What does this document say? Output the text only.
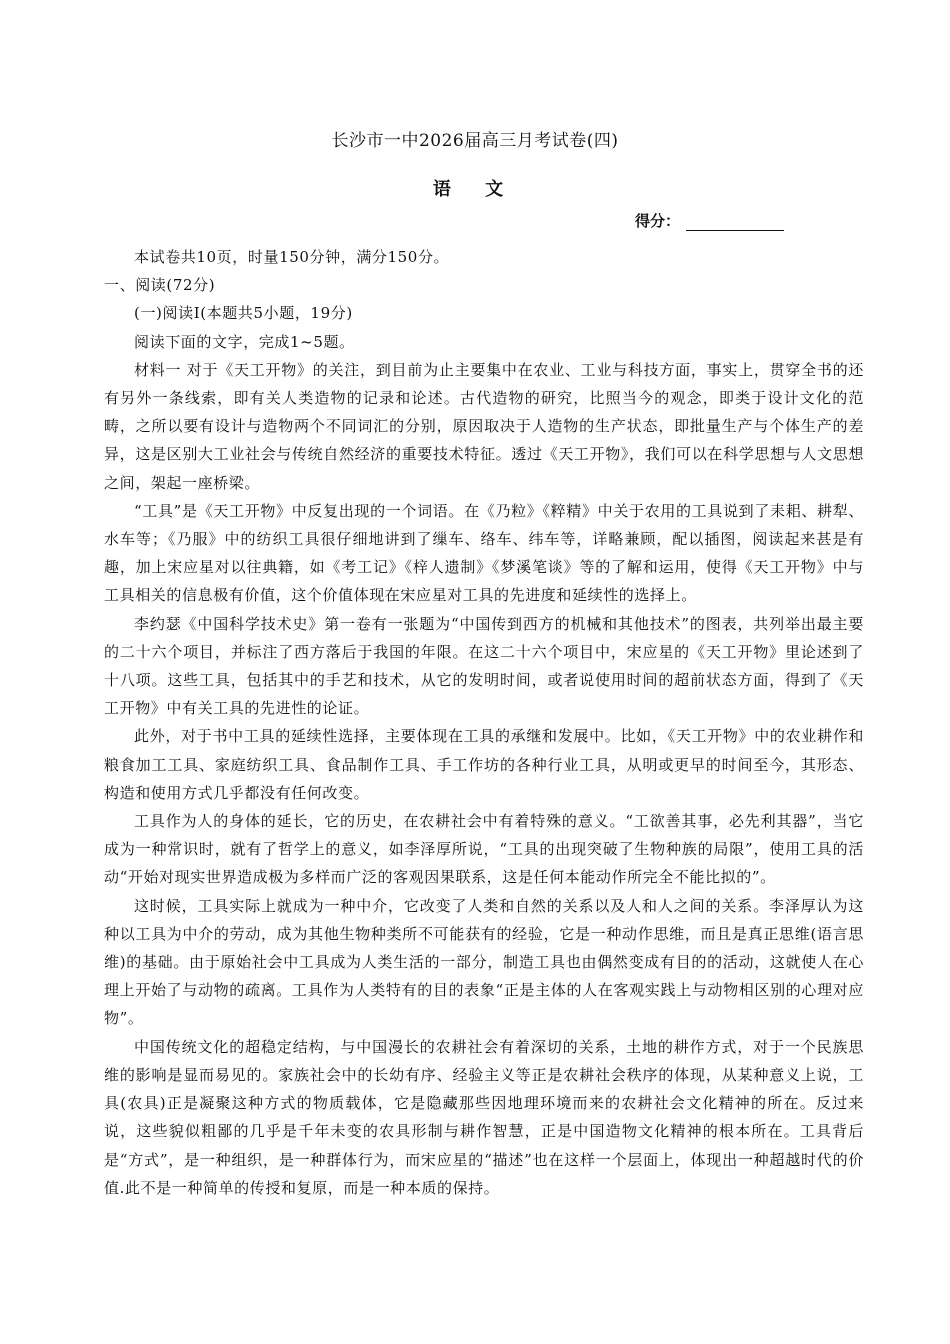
长沙市一中2026届高三月考试卷(四)
语 文
得分：

本试卷共10页，时量150分钟，满分150分。

一、阅读(72分)

(一)阅读Ⅰ(本题共5小题，19分)

阅读下面的文字，完成1~5题。

材料一 对于《天工开物》的关注，到目前为止主要集中在农业、工业与科技方面，事实上，贯穿全书的还有另外一条线索，即有关人类造物的记录和论述。古代造物的研究，比照当今的观念，即类于设计文化的范畴，之所以要有设计与造物两个不同词汇的分别，原因取决于人造物的生产状态，即批量生产与个体生产的差异，这是区别大工业社会与传统自然经济的重要技术特征。透过《天工开物》，我们可以在科学思想与人文思想之间，架起一座桥梁。

“工具”是《天工开物》中反复出现的一个词语。在《乃粒》《粹精》中关于农用的工具说到了耒耜、耕犁、水车等；《乃服》中的纺织工具很仔细地讲到了缫车、络车、纬车等，详略兼顾，配以插图，阅读起来甚是有趣，加上宋应星对以往典籍，如《考工记》《梓人遗制》《梦溪笔谈》等的了解和运用，使得《天工开物》中与工具相关的信息极有价值，这个价值体现在宋应星对工具的先进度和延续性的选择上。

李约瑟《中国科学技术史》第一卷有一张题为“中国传到西方的机械和其他技术”的图表，共列举出最主要的二十六个项目，并标注了西方落后于我国的年限。在这二十六个项目中，宋应星的《天工开物》里论述到了十八项。这些工具，包括其中的手艺和技术，从它的发明时间，或者说使用时间的超前状态方面，得到了《天工开物》中有关工具的先进性的论证。

此外，对于书中工具的延续性选择，主要体现在工具的承继和发展中。比如，《天工开物》中的农业耕作和粮食加工工具、家庭纺织工具、食品制作工具、手工作坊的各种行业工具，从明或更早的时间至今，其形态、构造和使用方式几乎都没有任何改变。

工具作为人的身体的延长，它的历史，在农耕社会中有着特殊的意义。“工欲善其事，必先利其器”，当它成为一种常识时，就有了哲学上的意义，如李泽厚所说，“工具的出现突破了生物种族的局限”，使用工具的活动“开始对现实世界造成极为多样而广泛的客观因果联系，这是任何本能动作所完全不能比拟的”。

这时候，工具实际上就成为一种中介，它改变了人类和自然的关系以及人和人之间的关系。李泽厚认为这种以工具为中介的劳动，成为其他生物种类所不可能获有的经验，它是一种动作思维，而且是真正思维(语言思维)的基础。由于原始社会中工具成为人类生活的一部分，制造工具也由偶然变成有目的的活动，这就使人在心理上开始了与动物的疏离。工具作为人类特有的目的表象“正是主体的人在客观实践上与动物相区别的心理对应物”。

中国传统文化的超稳定结构，与中国漫长的农耕社会有着深切的关系，土地的耕作方式，对于一个民族思维的影响是显而易见的。家族社会中的长幼有序、经验主义等正是农耕社会秩序的体现，从某种意义上说，工具(农具)正是凝聚这种方式的物质载体，它是隐藏那些因地理环境而来的农耕社会文化精神的所在。反过来说，这些貌似粗鄙的几乎是千年未变的农具形制与耕作智慧，正是中国造物文化精神的根本所在。工具背后是“方式”，是一种组织，是一种群体行为，而宋应星的“描述”也在这样一个层面上，体现出一种超越时代的价值.此不是一种简单的传授和复原，而是一种本质的保持。
